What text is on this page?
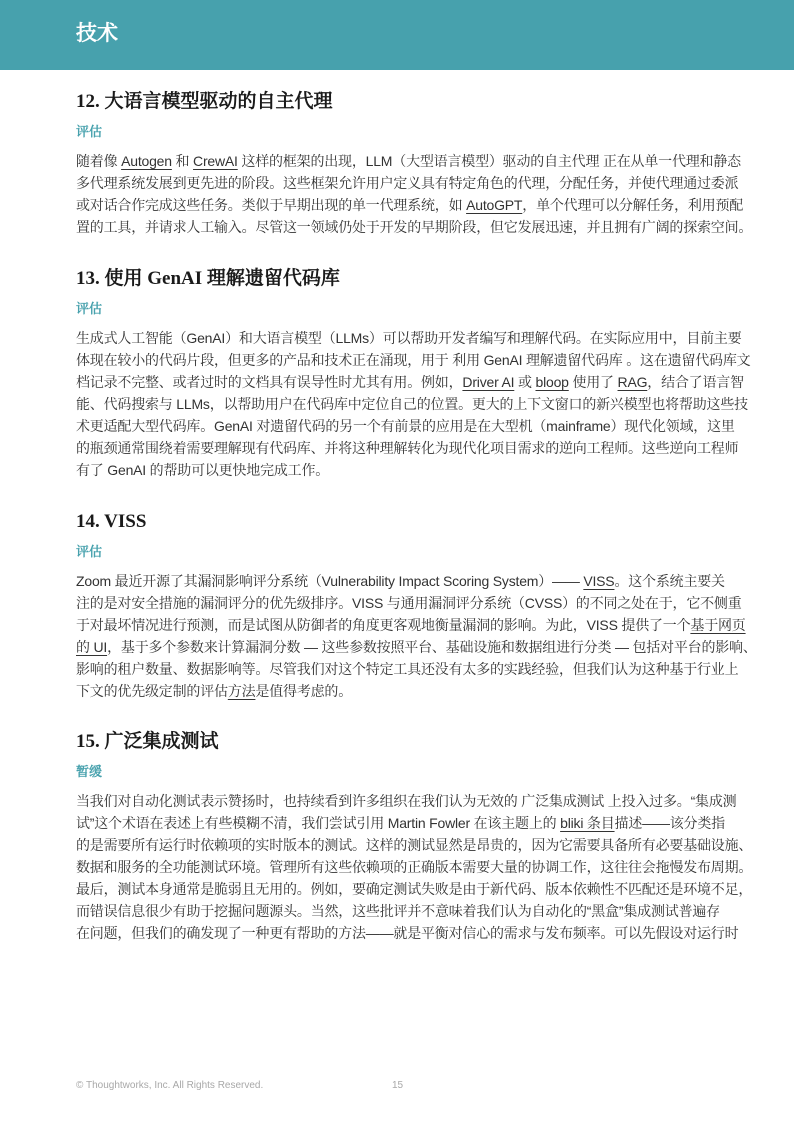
技术
12. 大语言模型驱动的自主代理
评估
随着像 Autogen 和 CrewAI 这样的框架的出现，LLM（大型语言模型）驱动的自主代理 正在从单一代理和静态
多代理系统发展到更先进的阶段。这些框架允许用户定义具有特定角色的代理，分配任务，并使代理通过委派
或对话合作完成这些任务。类似于早期出现的单一代理系统，如 AutoGPT，单个代理可以分解任务，利用预配
置的工具，并请求人工输入。尽管这一领域仍处于开发的早期阶段，但它发展迅速，并且拥有广阔的探索空间。
13. 使用 GenAI 理解遗留代码库
评估
生成式人工智能（GenAI）和大语言模型（LLMs）可以帮助开发者编写和理解代码。在实际应用中，目前主要
体现在较小的代码片段，但更多的产品和技术正在涌现，用于 利用 GenAI 理解遗留代码库 。这在遗留代码库文
档记录不完整、或者过时的文档具有误导性时尤其有用。例如，Driver AI 或 bloop 使用了 RAG，结合了语言智
能、代码搜索与 LLMs，以帮助用户在代码库中定位自己的位置。更大的上下文窗口的新兴模型也将帮助这些技
术更适配大型代码库。GenAI 对遗留代码的另一个有前景的应用是在大型机（mainframe）现代化领域，这里
的瓶颈通常围绕着需要理解现有代码库、并将这种理解转化为现代化项目需求的逆向工程师。这些逆向工程师
有了 GenAI 的帮助可以更快地完成工作。
14. VISS
评估
Zoom 最近开源了其漏洞影响评分系统（Vulnerability Impact Scoring System）—— VISS。这个系统主要关
注的是对安全措施的漏洞评分的优先级排序。VISS 与通用漏洞评分系统（CVSS）的不同之处在于，它不侧重
于对最坏情况进行预测，而是试图从防御者的角度更客观地衡量漏洞的影响。为此，VISS 提供了一个基于网页
的 UI，基于多个参数来计算漏洞分数 — 这些参数按照平台、基础设施和数据组进行分类 — 包括对平台的影响、
影响的租户数量、数据影响等。尽管我们对这个特定工具还没有太多的实践经验，但我们认为这种基于行业上
下文的优先级定制的评估方法是值得考虑的。
15. 广泛集成测试
暂缓
当我们对自动化测试表示赞扬时，也持续看到许多组织在我们认为无效的 广泛集成测试 上投入过多。“集成测
试”这个术语在表述上有些模糊不清，我们尝试引用 Martin Fowler 在该主题上的 bliki 条目描述——该分类指
的是需要所有运行时依赖项的实时版本的测试。这样的测试显然是昂贵的，因为它需要具备所有必要基础设施、
数据和服务的全功能测试环境。管理所有这些依赖项的正确版本需要大量的协调工作，这往往会拖慢发布周期。
最后，测试本身通常是脆弱且无用的。例如，要确定测试失败是由于新代码、版本依赖性不匹配还是环境不足，
而错误信息很少有助于挖掘问题源头。当然，这些批评并不意味着我们认为自动化的“黑盒”集成测试普遍存
在问题，但我们的确发现了一种更有帮助的方法——就是平衡对信心的需求与发布频率。可以先假设对运行时
© Thoughtworks, Inc. All Rights Reserved.	15
